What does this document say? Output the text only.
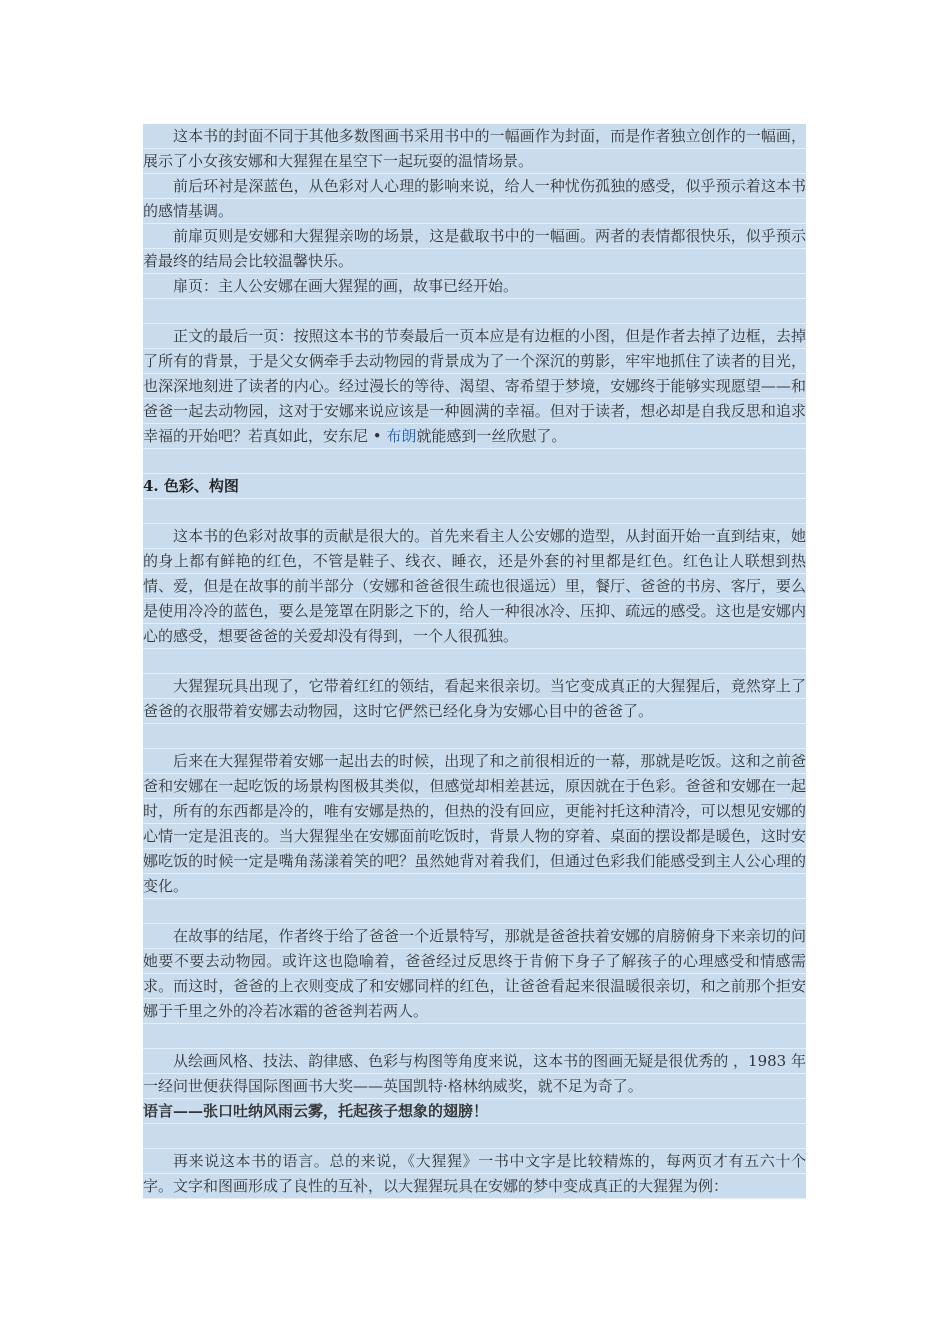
这本书的封面不同于其他多数图画书采用书中的一幅画作为封面，而是作者独立创作的一幅画，展示了小女孩安娜和大猩猩在星空下一起玩耍的温情场景。

前后环衬是深蓝色，从色彩对人心理的影响来说，给人一种忧伤孤独的感受，似乎预示着这本书的感情基调。

前扉页则是安娜和大猩猩亲吻的场景，这是截取书中的一幅画。两者的表情都很快乐，似乎预示着最终的结局会比较温馨快乐。

扉页：主人公安娜在画大猩猩的画，故事已经开始。

正文的最后一页：按照这本书的节奏最后一页本应是有边框的小图，但是作者去掉了边框，去掉了所有的背景，于是父女俩牵手去动物园的背景成为了一个深沉的剪影，牢牢地抓住了读者的目光，也深深地刻进了读者的内心。经过漫长的等待、渴望、寄希望于梦境，安娜终于能够实现愿望——和爸爸一起去动物园，这对于安娜来说应该是一种圆满的幸福。但对于读者，想必却是自我反思和追求幸福的开始吧？若真如此，安东尼 • 布朗就能感到一丝欣慰了。

4. 色彩、构图

这本书的色彩对故事的贡献是很大的。首先来看主人公安娜的造型，从封面开始一直到结束，她的身上都有鲜艳的红色，不管是鞋子、线衣、睡衣，还是外套的衬里都是红色。红色让人联想到热情、爱，但是在故事的前半部分（安娜和爸爸很生疏也很遥远）里，餐厅、爸爸的书房、客厅，要么是使用冷冷的蓝色，要么是笼罩在阴影之下的，给人一种很冰冷、压抑、疏远的感受。这也是安娜内心的感受，想要爸爸的关爱却没有得到，一个人很孤独。

大猩猩玩具出现了，它带着红红的领结，看起来很亲切。当它变成真正的大猩猩后，竟然穿上了爸爸的衣服带着安娜去动物园，这时它俨然已经化身为安娜心目中的爸爸了。

后来在大猩猩带着安娜一起出去的时候，出现了和之前很相近的一幕，那就是吃饭。这和之前爸爸和安娜在一起吃饭的场景构图极其类似，但感觉却相差甚远，原因就在于色彩。爸爸和安娜在一起时，所有的东西都是冷的，唯有安娜是热的，但热的没有回应，更能衬托这种清冷，可以想见安娜的心情一定是沮丧的。当大猩猩坐在安娜面前吃饭时，背景人物的穿着、桌面的摆设都是暖色，这时安娜吃饭的时候一定是嘴角荡漾着笑的吧？虽然她背对着我们，但通过色彩我们能感受到主人公心理的变化。

在故事的结尾，作者终于给了爸爸一个近景特写，那就是爸爸扶着安娜的肩膀俯身下来亲切的问她要不要去动物园。或许这也隐喻着，爸爸经过反思终于肯俯下身子了解孩子的心理感受和情感需求。而这时，爸爸的上衣则变成了和安娜同样的红色，让爸爸看起来很温暖很亲切，和之前那个拒安娜于千里之外的冷若冰霜的爸爸判若两人。

从绘画风格、技法、韵律感、色彩与构图等角度来说，这本书的图画无疑是很优秀的 ，1983 年一经问世便获得国际图画书大奖——英国凯特·格林纳威奖，就不足为奇了。

语言——张口吐纳风雨云雾，托起孩子想象的翅膀！

再来说这本书的语言。总的来说，《大猩猩》一书中文字是比较精炼的，每两页才有五六十个字。文字和图画形成了良性的互补，以大猩猩玩具在安娜的梦中变成真正的大猩猩为例：
